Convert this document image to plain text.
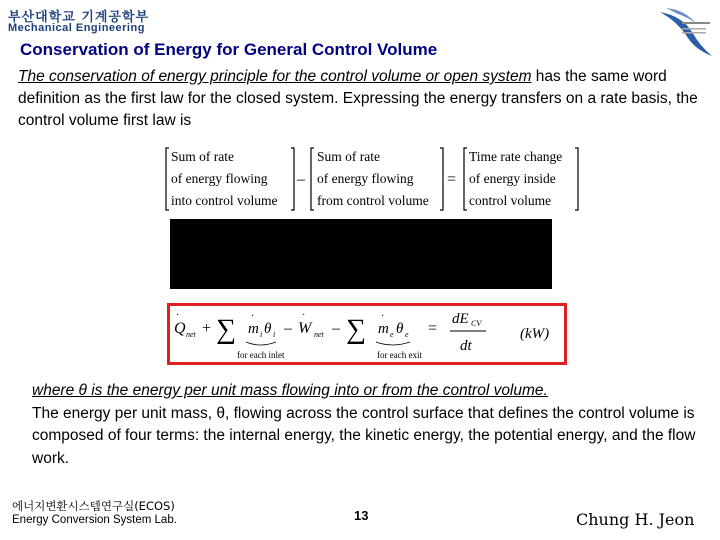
부산대학교 기계공학부
Mechanical Engineering
Conservation of Energy for General Control Volume
The conservation of energy principle for the control volume or open system has the same word definition as the first law for the closed system. Expressing the energy transfers on a rate basis, the control volume first law is
Sum of rate
of energy flowing
into control volume
–
Sum of rate
of energy flowing
from control volume
=
Time rate change
of energy inside
control volume
Q
·
net + ∑ m
·
i θ i
for each inlet
– W
·
net – ∑ m
·
e θ e
for each exit
=
dE CV
dt
(kW)
where θ is the energy per unit mass flowing into or from the control volume.
The energy per unit mass, θ, flowing across the control surface that defines the control volume is composed of four terms: the internal energy, the kinetic energy, the potential energy, and the flow work.
에너지변환시스템연구실(ECOS)
Energy Conversion System Lab.	13	Chung H. Jeon
